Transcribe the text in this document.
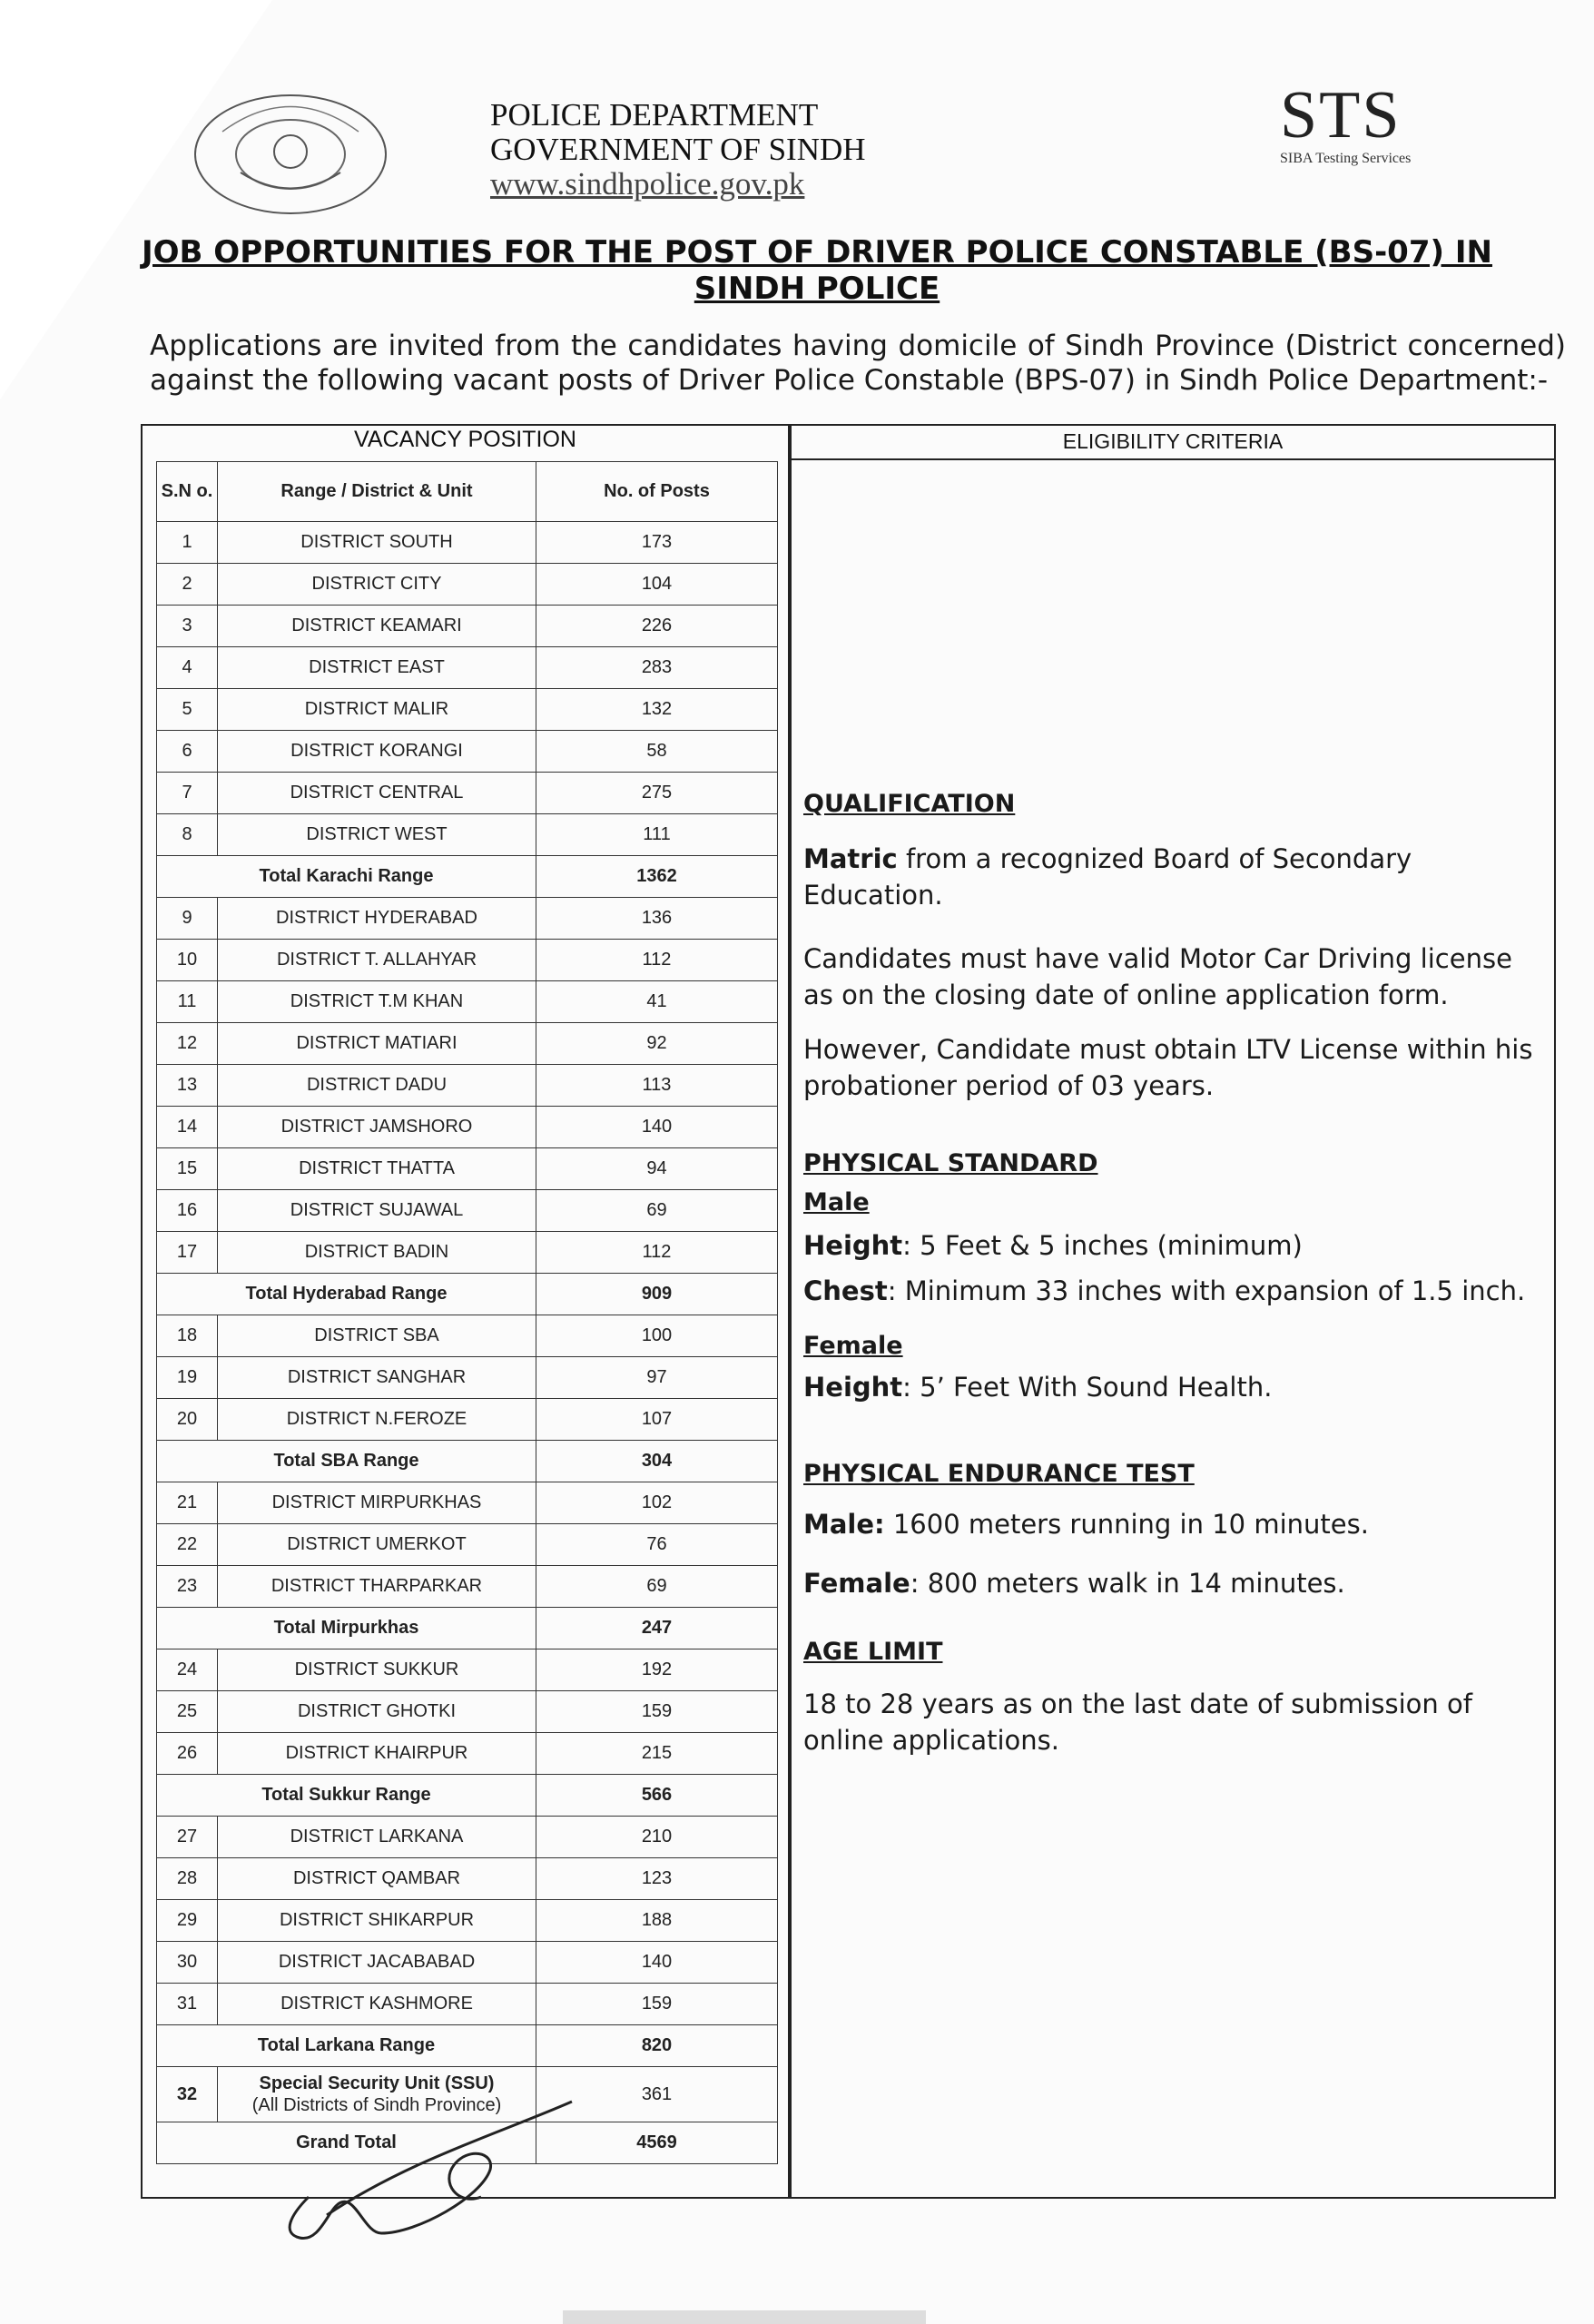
POLICE DEPARTMENT
GOVERNMENT OF SINDH
www.sindhpolice.gov.pk
STS
SIBA Testing Services
JOB OPPORTUNITIES FOR THE POST OF DRIVER POLICE CONSTABLE (BS-07) IN SINDH POLICE
Applications are invited from the candidates having domicile of Sindh Province (District concerned) against the following vacant posts of Driver Police Constable (BPS-07) in Sindh Police Department:-
VACANCY POSITION	ELIGIBILITY CRITERIA
S.N o.	Range / District & Unit	No. of Posts
1	DISTRICT SOUTH	173
2	DISTRICT CITY	104
3	DISTRICT KEAMARI	226
4	DISTRICT EAST	283
5	DISTRICT MALIR	132
6	DISTRICT KORANGI	58
7	DISTRICT CENTRAL	275
8	DISTRICT WEST	111
Total Karachi Range		1362
9	DISTRICT HYDERABAD	136
10	DISTRICT T. ALLAHYAR	112
11	DISTRICT T.M KHAN	41
12	DISTRICT MATIARI	92
13	DISTRICT DADU	113
14	DISTRICT JAMSHORO	140
15	DISTRICT THATTA	94
16	DISTRICT SUJAWAL	69
17	DISTRICT BADIN	112
Total Hyderabad Range		909
18	DISTRICT SBA	100
19	DISTRICT SANGHAR	97
20	DISTRICT N.FEROZE	107
Total SBA Range		304
21	DISTRICT MIRPURKHAS	102
22	DISTRICT UMERKOT	76
23	DISTRICT THARPARKAR	69
Total Mirpurkhas		247
24	DISTRICT SUKKUR	192
25	DISTRICT GHOTKI	159
26	DISTRICT KHAIRPUR	215
Total Sukkur Range		566
27	DISTRICT LARKANA	210
28	DISTRICT QAMBAR	123
29	DISTRICT SHIKARPUR	188
30	DISTRICT JACABABAD	140
31	DISTRICT KASHMORE	159
Total Larkana Range		820
32	Special Security Unit (SSU)
(All Districts of Sindh Province)	361
Grand Total		4569
QUALIFICATION

Matric from a recognized Board of Secondary Education.

Candidates must have valid Motor Car Driving license as on the closing date of online application form.

However, Candidate must obtain LTV License within his probationer period of 03 years.

PHYSICAL STANDARD
Male

Height: 5 Feet & 5 inches (minimum)

Chest: Minimum 33 inches with expansion of 1.5 inch.

Female

Height: 5’ Feet With Sound Health.

PHYSICAL ENDURANCE TEST

Male: 1600 meters running in 10 minutes.

Female: 800 meters walk in 14 minutes.

AGE LIMIT

18 to 28 years as on the last date of submission of online applications.
